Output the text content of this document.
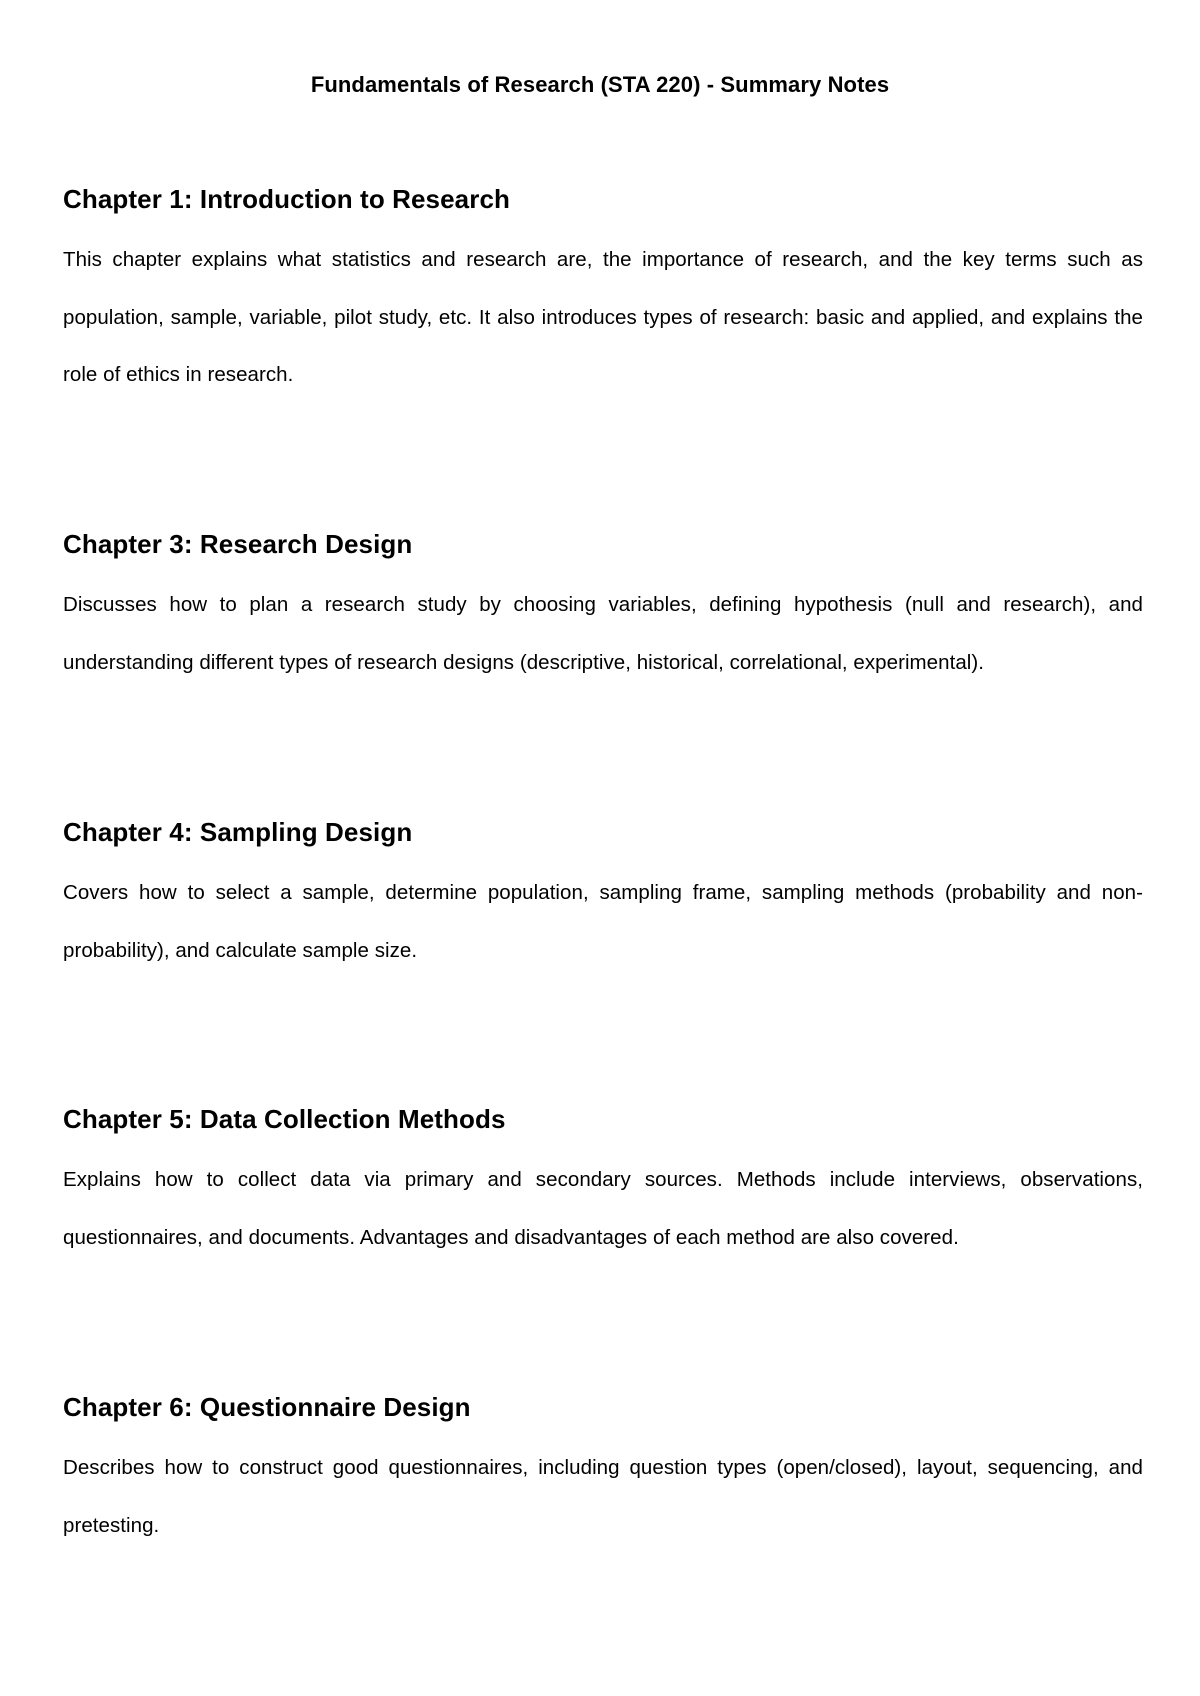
Fundamentals of Research (STA 220) - Summary Notes
Chapter 1: Introduction to Research

This chapter explains what statistics and research are, the importance of research, and the key terms such as population, sample, variable, pilot study, etc. It also introduces types of research: basic and applied, and explains the role of ethics in research.

Chapter 3: Research Design

Discusses how to plan a research study by choosing variables, defining hypothesis (null and research), and understanding different types of research designs (descriptive, historical, correlational, experimental).

Chapter 4: Sampling Design

Covers how to select a sample, determine population, sampling frame, sampling methods (probability and non-probability), and calculate sample size.

Chapter 5: Data Collection Methods

Explains how to collect data via primary and secondary sources. Methods include interviews, observations, questionnaires, and documents. Advantages and disadvantages of each method are also covered.

Chapter 6: Questionnaire Design

Describes how to construct good questionnaires, including question types (open/closed), layout, sequencing, and pretesting.
